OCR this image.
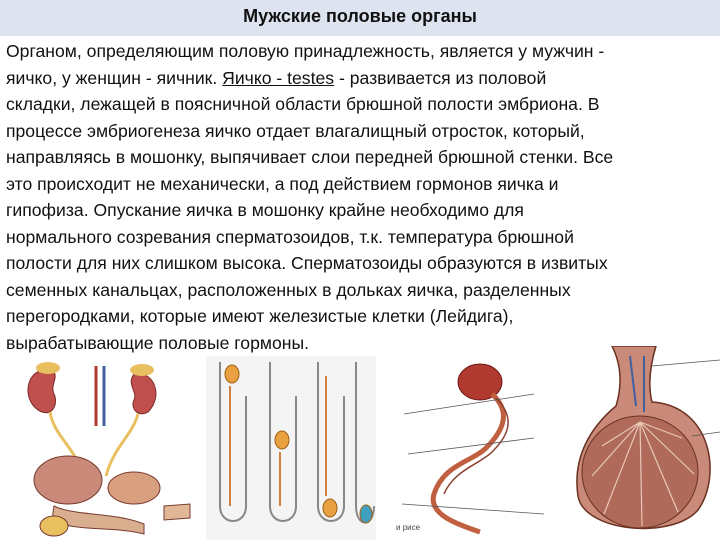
Мужские половые органы
Органом, определяющим половую принадлежность, является у мужчин -
яичко, у женщин - яичник. Яичко - testes - развивается из половой
складки, лежащей в поясничной области брюшной полости эмбриона. В
процессе эмбриогенеза яичко отдает влагалищный отросток, который,
направляясь в мошонку, выпячивает слои передней брюшной стенки. Все
это происходит не механически, а под действием гормонов яичка и
гипофиза. Опускание яичка в мошонку крайне необходимо для
нормального созревания сперматозоидов, т.к. температура брюшной
полости для них слишком высока. Сперматозоиды образуются в извитых
семенных канальцах, расположенных в дольках яичка, разделенных
перегородками, которые имеют железистые клетки (Лейдига),
вырабатывающие половые гормоны.
и рисе
